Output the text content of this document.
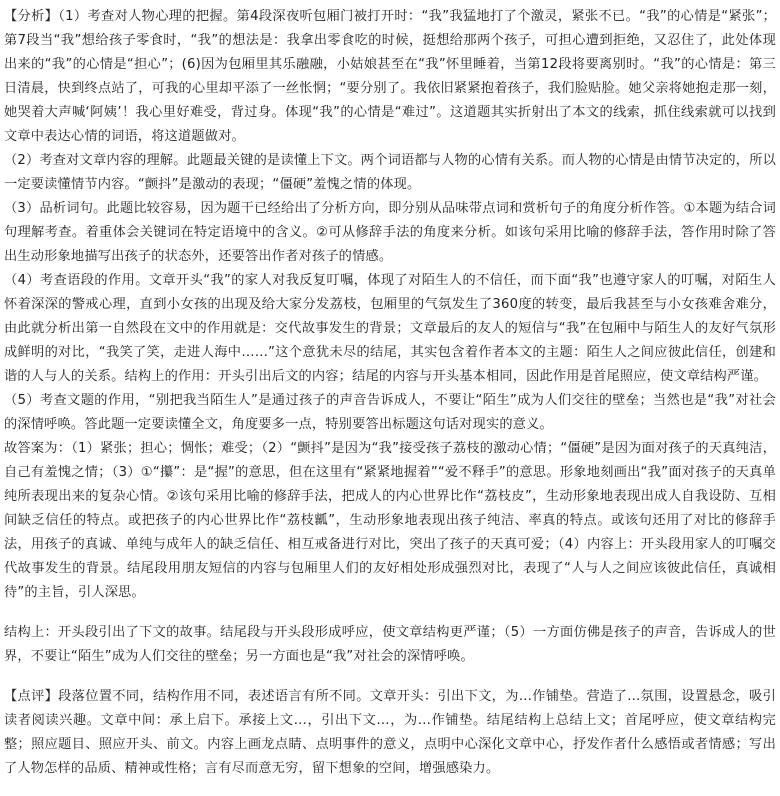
【分析】（1）考查对人物心理的把握。第4段深夜听包厢门被打开时：“我”我猛地打了个激灵，紧张不已。“我”的心情是“紧张”；第7段当“我”想给孩子零食时，“我”的想法是：我拿出零食吃的时候，挺想给那两个孩子，可担心遭到拒绝，又忍住了，此处体现出来的“我”的心情是“担心”；(6)因为包厢里其乐融融，小姑娘甚至在“我”怀里睡着，当第12段将要离别时。“我”的心情是：第三日清晨，快到终点站了，可我的心里却平添了一丝怅惘；“要分别了。我依旧紧紧抱着孩子，我们脸贴脸。她父亲将她抱走那一刻，她哭着大声喊‘阿姨’！我心里好难受，背过身。体现“我”的心情是“难过”。这道题其实折射出了本文的线索，抓住线索就可以找到文章中表达心情的词语，将这道题做对。

（2）考查对文章内容的理解。此题最关键的是读懂上下文。两个词语都与人物的心情有关系。而人物的心情是由情节决定的，所以一定要读懂情节内容。“颤抖”是激动的表现；“僵硬”羞愧之情的体现。

（3）品析词句。此题比较容易，因为题干已经给出了分析方向，即分别从品味带点词和赏析句子的角度分析作答。①本题为结合词句理解考查。着重体会关键词在特定语境中的含义。②可从修辞手法的角度来分析。如该句采用比喻的修辞手法，答作用时除了答出生动形象地描写出孩子的状态外，还要答出作者对孩子的情感。

（4）考查语段的作用。文章开头“我”的家人对我反复叮嘱，体现了对陌生人的不信任，而下面“我”也遵守家人的叮嘱，对陌生人怀着深深的警戒心理，直到小女孩的出现及给大家分发荔枝，包厢里的气氛发生了360度的转变，最后我甚至与小女孩难舍难分，由此就分析出第一自然段在文中的作用就是：交代故事发生的背景；文章最后的友人的短信与“我”在包厢中与陌生人的友好气氛形成鲜明的对比，“我笑了笑，走进人海中……”这个意犹未尽的结尾，其实包含着作者本文的主题：陌生人之间应彼此信任，创建和谐的人与人的关系。结构上的作用：开头引出后文的内容；结尾的内容与开头基本相同，因此作用是首尾照应，使文章结构严谨。

（5）考查文题的作用，“别把我当陌生人”是通过孩子的声音告诉成人，不要让“陌生”成为人们交往的壁垒；当然也是“我”对社会的深情呼唤。答此题一定要读懂全文，角度要多一点，特别要答出标题这句话对现实的意义。

故答案为：（1）紧张；担心；惆怅；难受；（2）“颤抖”是因为“我”接受孩子荔枝的激动心情；“僵硬”是因为面对孩子的天真纯洁，自己有羞愧之情；（3）①“攥”：是“握”的意思，但在这里有“紧紧地握着”“爱不释手”的意思。形象地刻画出“我”面对孩子的天真单纯所表现出来的复杂心情。②该句采用比喻的修辞手法，把成人的内心世界比作“荔枝皮”，生动形象地表现出成人自我设防、互相间缺乏信任的特点。或把孩子的内心世界比作“荔枝瓤”，生动形象地表现出孩子纯洁、率真的特点。或该句还用了对比的修辞手法，用孩子的真诚、单纯与成年人的缺乏信任、相互戒备进行对比，突出了孩子的天真可爱；（4）内容上：开头段用家人的叮嘱交代故事发生的背景。结尾段用朋友短信的内容与包厢里人们的友好相处形成强烈对比，表现了“人与人之间应该彼此信任，真诚相待”的主旨，引人深思。

结构上：开头段引出了下文的故事。结尾段与开头段形成呼应，使文章结构更严谨；（5）一方面仿佛是孩子的声音，告诉成人的世界，不要让“陌生”成为人们交往的壁垒；另一方面也是“我”对社会的深情呼唤。

【点评】段落位置不同，结构作用不同，表述语言有所不同。文章开头：引出下文，为…作铺垫。营造了…氛围，设置悬念，吸引读者阅读兴趣。文章中间：承上启下。承接上文…，引出下文…，为…作铺垫。结尾结构上总结上文；首尾呼应，使文章结构完整；照应题目、照应开头、前文。内容上画龙点睛、点明事件的意义，点明中心深化文章中心，抒发作者什么感悟或者情感；写出了人物怎样的品质、精神或性格；言有尽而意无穷，留下想象的空间，增强感染力。
